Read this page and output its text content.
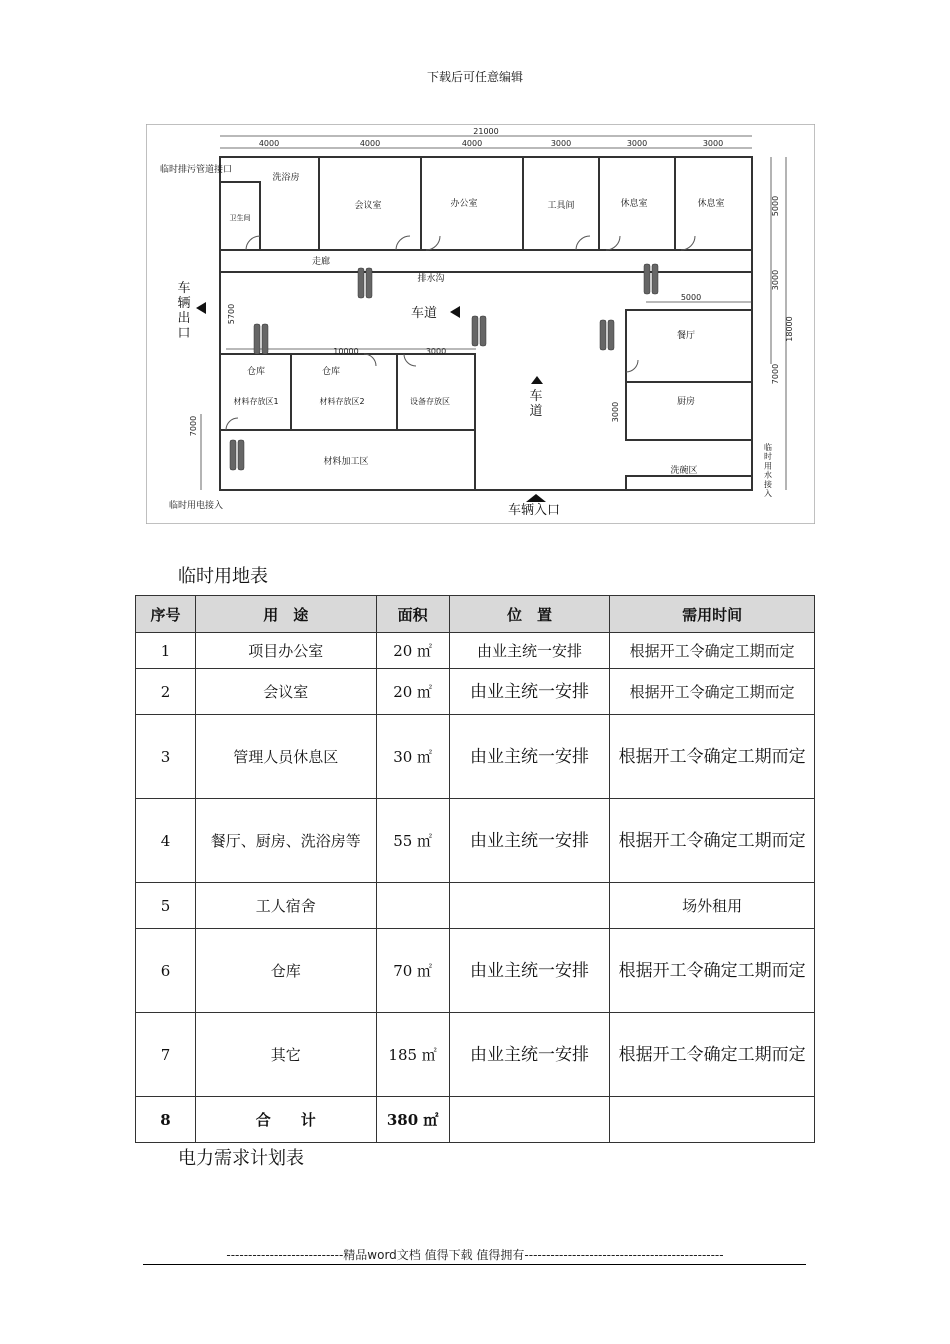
下载后可任意编辑
21000
4000	4000	4000	3000	3000	3000
10000	3000
5000
5000
3000
7000
18000
5700
7000
3000
临时排污管道接口
洗浴房
卫生间
会议室	办公室	工具间	休息室	休息室
走廊
排水沟
餐厅
厨房
洗碗区
仓库	仓库
材料存放区1	材料存放区2	设备存放区
材料加工区
临时用电接入
车道
车辆入口
车辆出口
车道
临时用水接入
临时用地表
序号	用　途	面积	位　置	需用时间
1	项目办公室	20 ㎡	由业主统一安排	根据开工令确定工期而定
2	会议室	20 ㎡	由业主统一安排	根据开工令确定工期而定
3	管理人员休息区	30 ㎡	由业主统一安排	根据开工令确定工期而定
4	餐厅、厨房、洗浴房等	55 ㎡	由业主统一安排	根据开工令确定工期而定
5	工人宿舍			场外租用
6	仓库	70 ㎡	由业主统一安排	根据开工令确定工期而定
7	其它	185 ㎡	由业主统一安排	根据开工令确定工期而定
8	合　　计	380 ㎡		
电力需求计划表
---------------------------精品word文档 值得下载 值得拥有----------------------------------------------
